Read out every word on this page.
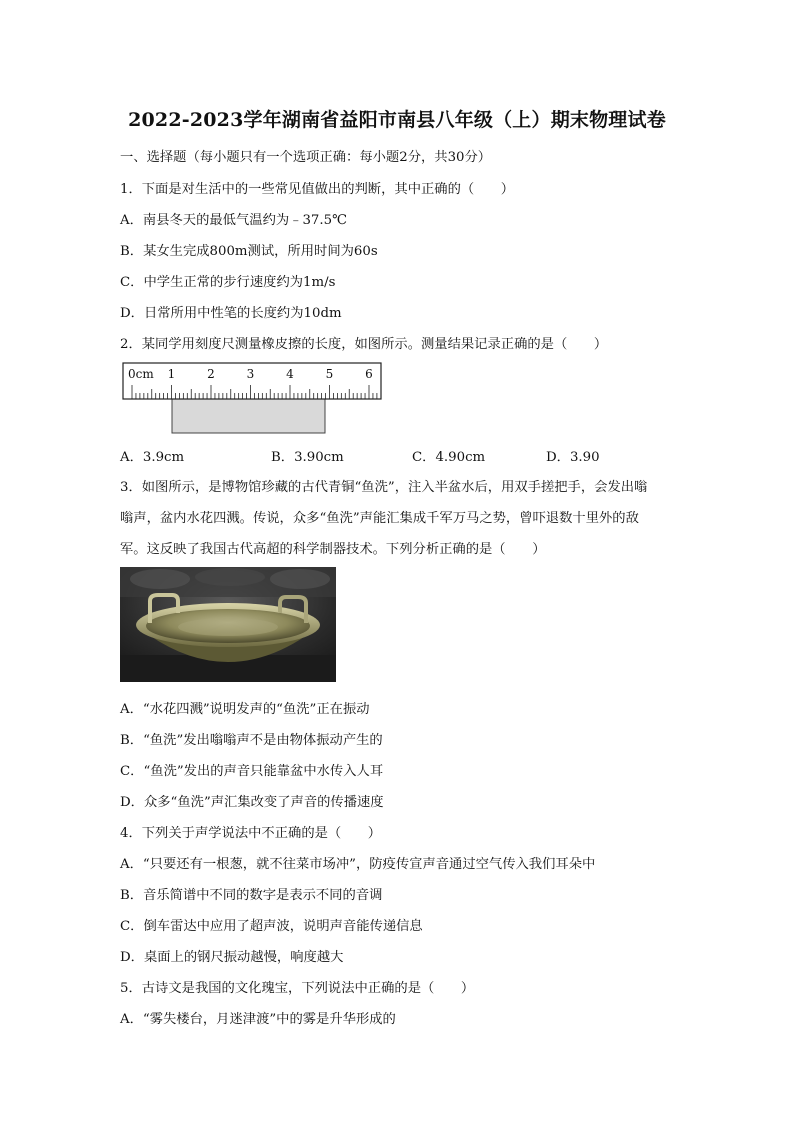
2022-2023学年湖南省益阳市南县八年级（上）期末物理试卷
一、选择题（每小题只有一个选项正确：每小题2分，共30分）
1．下面是对生活中的一些常见值做出的判断，其中正确的（　　）
A．南县冬天的最低气温约为﹣37.5℃
B．某女生完成800m测试，所用时间为60s
C．中学生正常的步行速度约为1m/s
D．日常所用中性笔的长度约为10dm
2．某同学用刻度尺测量橡皮擦的长度，如图所示。测量结果记录正确的是（　　）
0cm 1	2	3	4	5	6
A．3.9cm	B．3.90cm	C．4.90cm	D．3.90
3．如图所示，是博物馆珍藏的古代青铜“鱼洗”，注入半盆水后，用双手搓把手，会发出嗡
嗡声，盆内水花四溅。传说，众多“鱼洗”声能汇集成千军万马之势，曾吓退数十里外的敌
军。这反映了我国古代高超的科学制器技术。下列分析正确的是（　　）
A．“水花四溅”说明发声的“鱼洗”正在振动
B．“鱼洗”发出嗡嗡声不是由物体振动产生的
C．“鱼洗”发出的声音只能靠盆中水传入人耳
D．众多“鱼洗”声汇集改变了声音的传播速度
4．下列关于声学说法中不正确的是（　　）
A．“只要还有一根葱，就不往菜市场冲”，防疫传宣声音通过空气传入我们耳朵中
B．音乐简谱中不同的数字是表示不同的音调
C．倒车雷达中应用了超声波，说明声音能传递信息
D．桌面上的钢尺振动越慢，响度越大
5．古诗文是我国的文化瑰宝，下列说法中正确的是（　　）
A．“雾失楼台，月迷津渡”中的雾是升华形成的
